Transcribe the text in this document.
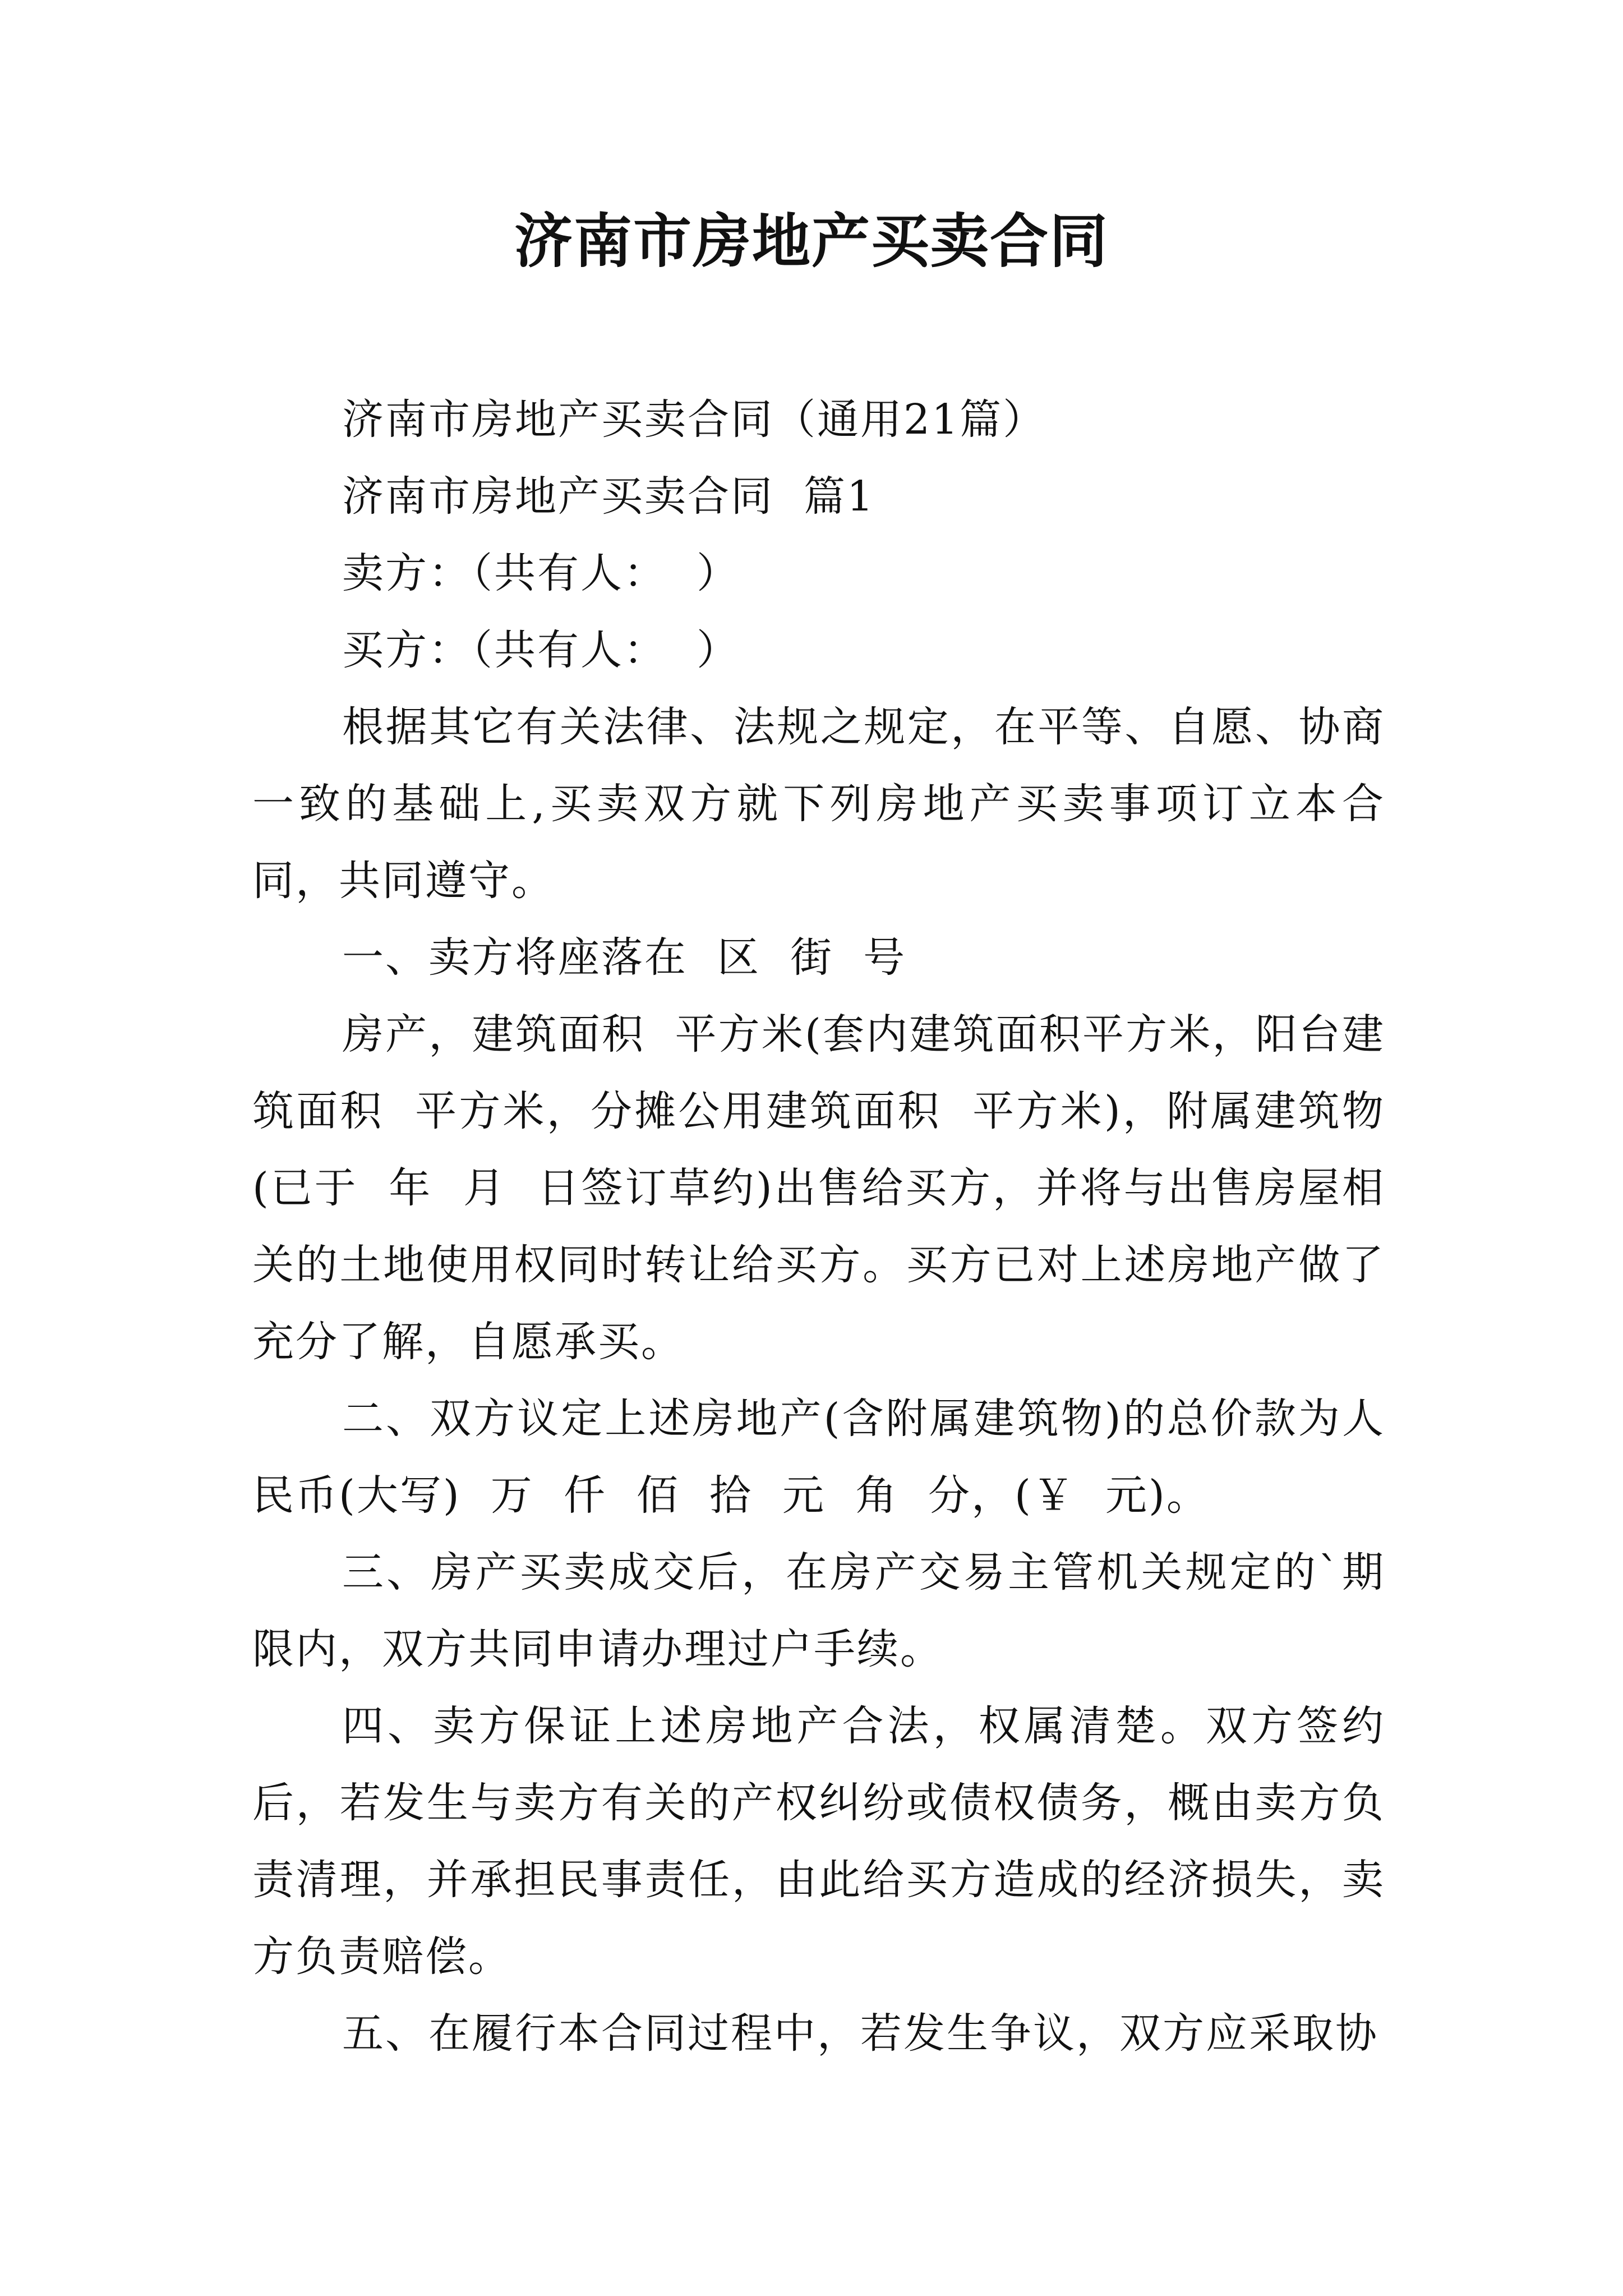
济南市房地产买卖合同

济南市房地产买卖合同（通用21篇）

济南市房地产买卖合同  篇1

卖方：（共有人：  ）

买方：（共有人：  ）

根据其它有关法律、法规之规定，在平等、自愿、协商一致的基础上,买卖双方就下列房地产买卖事项订立本合同，共同遵守。

一、卖方将座落在  区  街  号

房产，建筑面积  平方米(套内建筑面积平方米，阳台建筑面积  平方米，分摊公用建筑面积  平方米)，附属建筑物(已于  年  月  日签订草约)出售给买方，并将与出售房屋相关的土地使用权同时转让给买方。买方已对上述房地产做了充分了解，自愿承买。

二、双方议定上述房地产(含附属建筑物)的总价款为人民币(大写)  万  仟  佰  拾  元  角  分，(￥  元)。

三、房产买卖成交后，在房产交易主管机关规定的`期限内，双方共同申请办理过户手续。

四、卖方保证上述房地产合法，权属清楚。双方签约后，若发生与卖方有关的产权纠纷或债权债务，概由卖方负责清理，并承担民事责任，由此给买方造成的经济损失，卖方负责赔偿。

五、在履行本合同过程中，若发生争议，双方应采取协
